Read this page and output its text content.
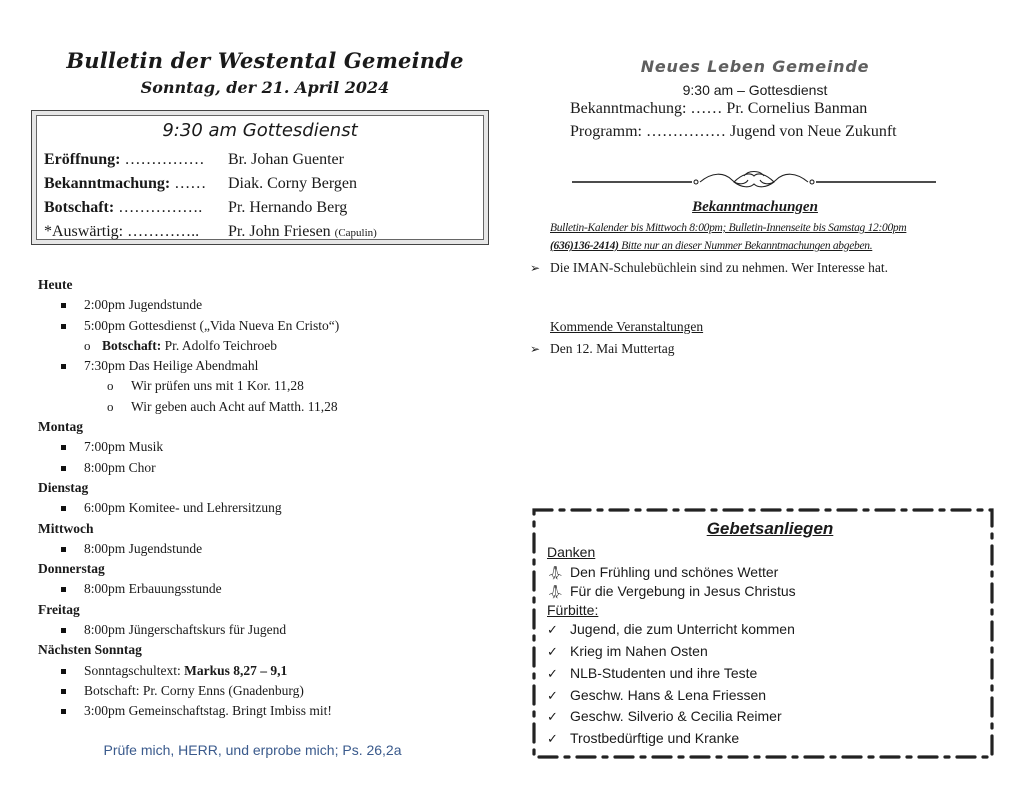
Bulletin der Westental Gemeinde
Sonntag, der 21. April 2024
9:30 am Gottesdienst
Eröffnung: …………… Br. Johan Guenter
Bekanntmachung: …… Diak. Corny Bergen
Botschaft: ……………. Pr. Hernando Berg
*Auswärtig: ………….. Pr. John Friesen (Capulin)
Heute
2:00pm Jugendstunde
5:00pm Gottesdienst („Vida Nueva En Cristo“)
o Botschaft: Pr. Adolfo Teichroeb
7:30pm Das Heilige Abendmahl
o Wir prüfen uns mit 1 Kor. 11,28
o Wir geben auch Acht auf Matth. 11,28
Montag
7:00pm Musik
8:00pm Chor
Dienstag
6:00pm Komitee- und Lehrersitzung
Mittwoch
8:00pm Jugendstunde
Donnerstag
8:00pm Erbauungsstunde
Freitag
8:00pm Jüngerschaftskurs für Jugend
Nächsten Sonntag
Sonntagschultext: Markus 8,27 – 9,1
Botschaft: Pr. Corny Enns (Gnadenburg)
3:00pm Gemeinschaftstag. Bringt Imbiss mit!
Prüfe mich, HERR, und erprobe mich; Ps. 26,2a
Neues Leben Gemeinde
9:30 am – Gottesdienst
Bekanntmachung: …… Pr. Cornelius Banman
Programm: …………… Jugend von Neue Zukunft
Bekanntmachungen
Bulletin-Kalender bis Mittwoch 8:00pm; Bulletin-Innenseite bis Samstag 12:00pm
(636)136-2414) Bitte nur an dieser Nummer Bekanntmachungen abgeben.
➢ Die IMAN-Schulebüchlein sind zu nehmen. Wer Interesse hat.
Kommende Veranstaltungen
➢ Den 12. Mai Muttertag
Gebetsanliegen
Danken
🙏︎ Den Frühling und schönes Wetter
🙏︎ Für die Vergebung in Jesus Christus
Fürbitte:
✓ Jugend, die zum Unterricht kommen
✓ Krieg im Nahen Osten
✓ NLB-Studenten und ihre Teste
✓ Geschw. Hans & Lena Friessen
✓ Geschw. Silverio & Cecilia Reimer
✓ Trostbedürftige und Kranke
